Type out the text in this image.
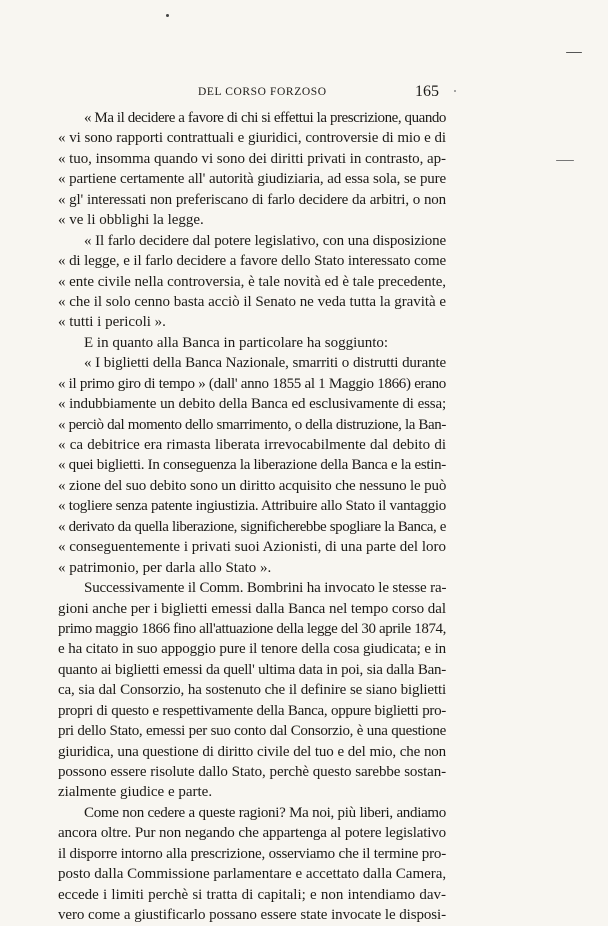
DEL CORSO FORZOSO	165
« Ma il decidere a favore di chi si effettui la prescrizione, quando
« vi sono rapporti contrattuali e giuridici, controversie di mio e di
« tuo, insomma quando vi sono dei diritti privati in contrasto, ap-
« partiene certamente all' autorità giudiziaria, ad essa sola, se pure
« gl' interessati non preferiscano di farlo decidere da arbitri, o non
« ve li obblighi la legge.
« Il farlo decidere dal potere legislativo, con una disposizione
« di legge, e il farlo decidere a favore dello Stato interessato come
« ente civile nella controversia, è tale novità ed è tale precedente,
« che il solo cenno basta acciò il Senato ne veda tutta la gravità e
« tutti i pericoli ».
E in quanto alla Banca in particolare ha soggiunto:
« I biglietti della Banca Nazionale, smarriti o distrutti durante
« il primo giro di tempo » (dall' anno 1855 al 1 Maggio 1866) erano
« indubbiamente un debito della Banca ed esclusivamente di essa;
« perciò dal momento dello smarrimento, o della distruzione, la Ban-
« ca debitrice era rimasta liberata irrevocabilmente dal debito di
« quei biglietti. In conseguenza la liberazione della Banca e la estin-
« zione del suo debito sono un diritto acquisito che nessuno le può
« togliere senza patente ingiustizia. Attribuire allo Stato il vantaggio
« derivato da quella liberazione, significherebbe spogliare la Banca, e
« conseguentemente i privati suoi Azionisti, di una parte del loro
« patrimonio, per darla allo Stato ».
Successivamente il Comm. Bombrini ha invocato le stesse ra-
gioni anche per i biglietti emessi dalla Banca nel tempo corso dal
primo maggio 1866 fino all'attuazione della legge del 30 aprile 1874,
e ha citato in suo appoggio pure il tenore della cosa giudicata; e in
quanto ai biglietti emessi da quell' ultima data in poi, sia dalla Ban-
ca, sia dal Consorzio, ha sostenuto che il definire se siano biglietti
propri di questo e respettivamente della Banca, oppure biglietti pro-
pri dello Stato, emessi per suo conto dal Consorzio, è una questione
giuridica, una questione di diritto civile del tuo e del mio, che non
possono essere risolute dallo Stato, perchè questo sarebbe sostan-
zialmente giudice e parte.
Come non cedere a queste ragioni? Ma noi, più liberi, andiamo
ancora oltre. Pur non negando che appartenga al potere legislativo
il disporre intorno alla prescrizione, osserviamo che il termine pro-
posto dalla Commissione parlamentare e accettato dalla Camera,
eccede i limiti perchè si tratta di capitali; e non intendiamo dav-
vero come a giustificarlo possano essere state invocate le disposi-
